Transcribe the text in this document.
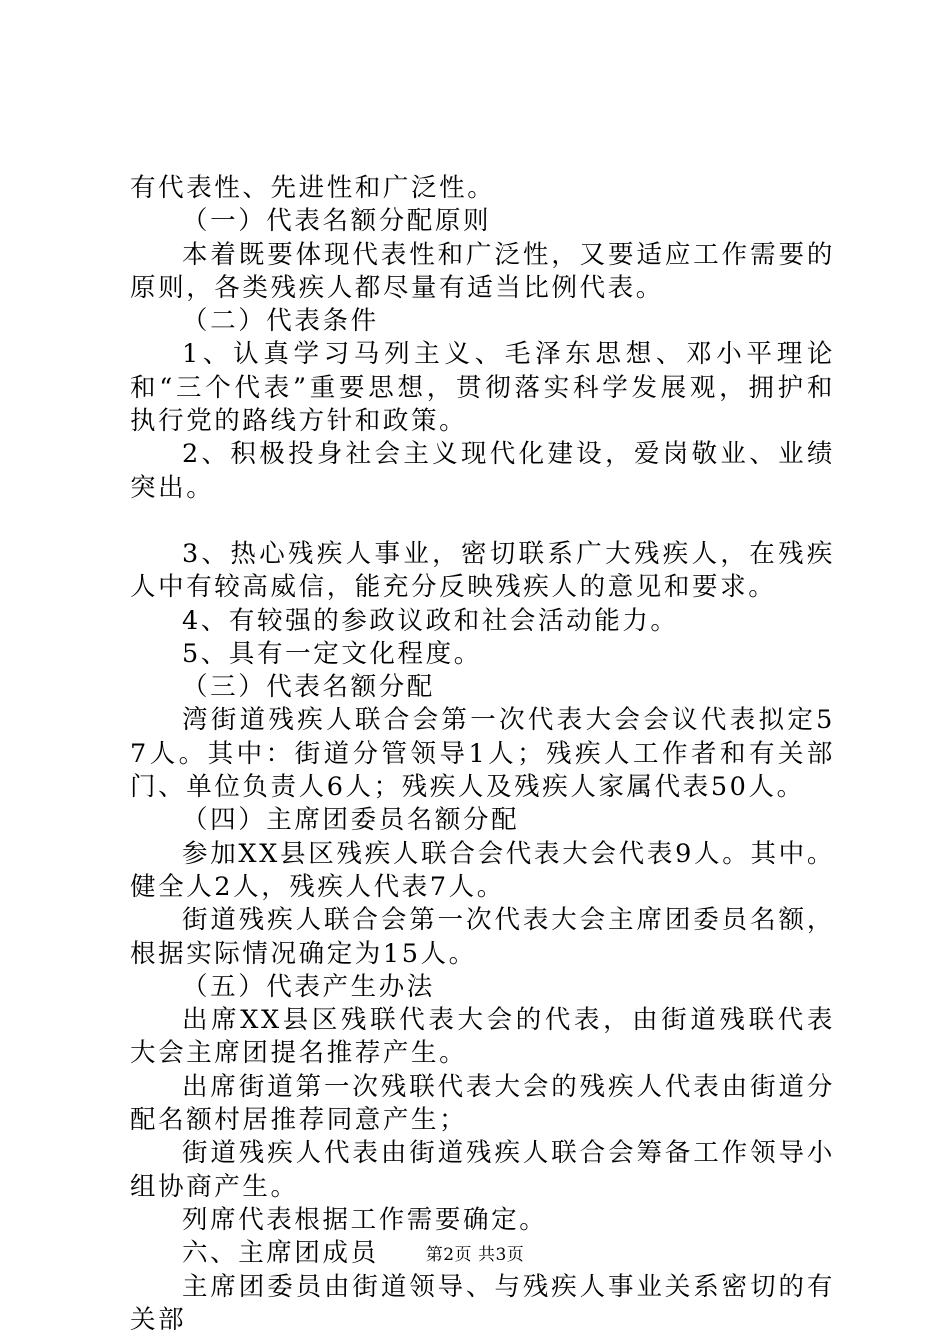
有代表性、先进性和广泛性。

（一）代表名额分配原则

本着既要体现代表性和广泛性，又要适应工作需要的原则，各类残疾人都尽量有适当比例代表。

（二）代表条件

1、认真学习马列主义、毛泽东思想、邓小平理论和“三个代表”重要思想，贯彻落实科学发展观，拥护和执行党的路线方针和政策。

2、积极投身社会主义现代化建设，爱岗敬业、业绩突出。

3、热心残疾人事业，密切联系广大残疾人，在残疾人中有较高威信，能充分反映残疾人的意见和要求。

4、有较强的参政议政和社会活动能力。

5、具有一定文化程度。

（三）代表名额分配

湾街道残疾人联合会第一次代表大会会议代表拟定57人。其中：街道分管领导1人；残疾人工作者和有关部门、单位负责人6人；残疾人及残疾人家属代表50人。

（四）主席团委员名额分配

参加XX县区残疾人联合会代表大会代表9人。其中。健全人2人，残疾人代表7人。

街道残疾人联合会第一次代表大会主席团委员名额，根据实际情况确定为15人。

（五）代表产生办法

出席XX县区残联代表大会的代表，由街道残联代表大会主席团提名推荐产生。

出席街道第一次残联代表大会的残疾人代表由街道分配名额村居推荐同意产生；

街道残疾人代表由街道残疾人联合会筹备工作领导小组协商产生。

列席代表根据工作需要确定。

六、主席团成员

主席团委员由街道领导、与残疾人事业关系密切的有关部

第2页 共3页
